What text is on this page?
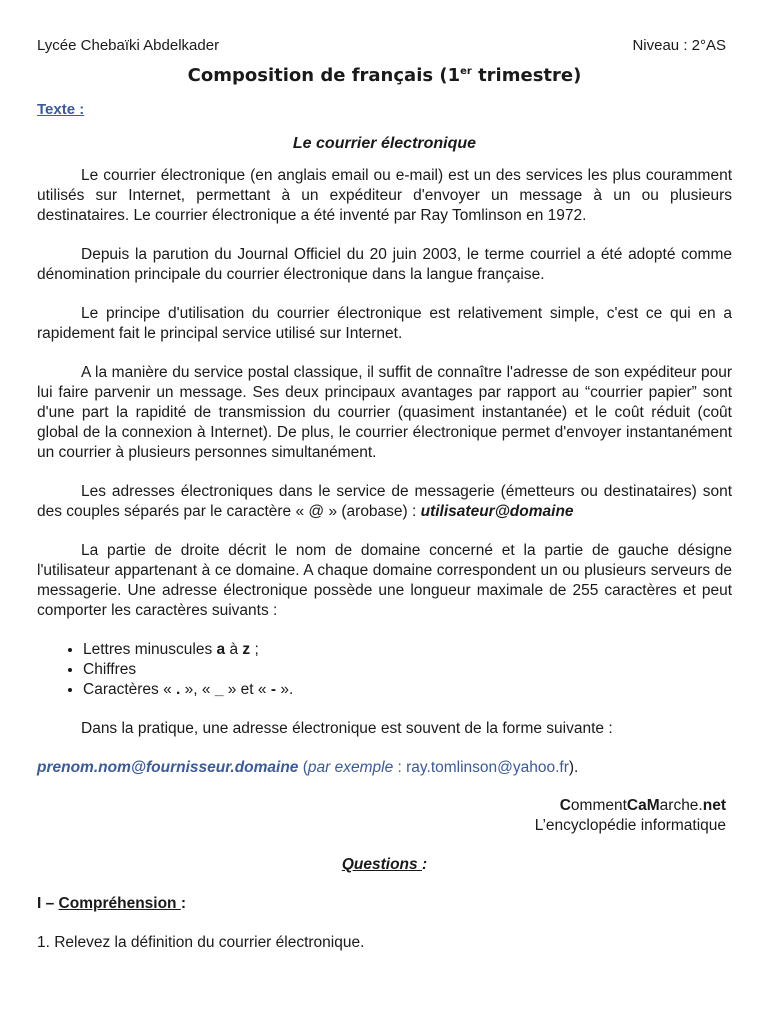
Lycée Chebaïki Abdelkader	Niveau : 2°AS
Composition de français (1er trimestre)
Texte :
Le courrier électronique

Le courrier électronique (en anglais email ou e-mail) est un des services les plus couramment utilisés sur Internet, permettant à un expéditeur d'envoyer un message à un ou plusieurs destinataires. Le courrier électronique a été inventé par Ray Tomlinson en 1972.

Depuis la parution du Journal Officiel du 20 juin 2003, le terme courriel a été adopté comme dénomination principale du courrier électronique dans la langue française.

Le principe d'utilisation du courrier électronique est relativement simple, c'est ce qui en a rapidement fait le principal service utilisé sur Internet.

A la manière du service postal classique, il suffit de connaître l'adresse de son expéditeur pour lui faire parvenir un message. Ses deux principaux avantages par rapport au “courrier papier” sont d'une part la rapidité de transmission du courrier (quasiment instantanée) et le coût réduit (coût global de la connexion à Internet). De plus, le courrier électronique permet d'envoyer instantanément un courrier à plusieurs personnes simultanément.

Les adresses électroniques dans le service de messagerie (émetteurs ou destinataires) sont des couples séparés par le caractère « @ » (arobase) : utilisateur@domaine

La partie de droite décrit le nom de domaine concerné et la partie de gauche désigne l'utilisateur appartenant à ce domaine. A chaque domaine correspondent un ou plusieurs serveurs de messagerie. Une adresse électronique possède une longueur maximale de 255 caractères et peut comporter les caractères suivants :

• Lettres minuscules a à z ;
• Chiffres
• Caractères « . », « _ » et « - ».

Dans la pratique, une adresse électronique est souvent de la forme suivante :

prenom.nom@fournisseur.domaine (par exemple : ray.tomlinson@yahoo.fr).

CommentCaMarche.net
L’encyclopédie informatique
Questions :
I – Compréhension :
1. Relevez la définition du courrier électronique.
